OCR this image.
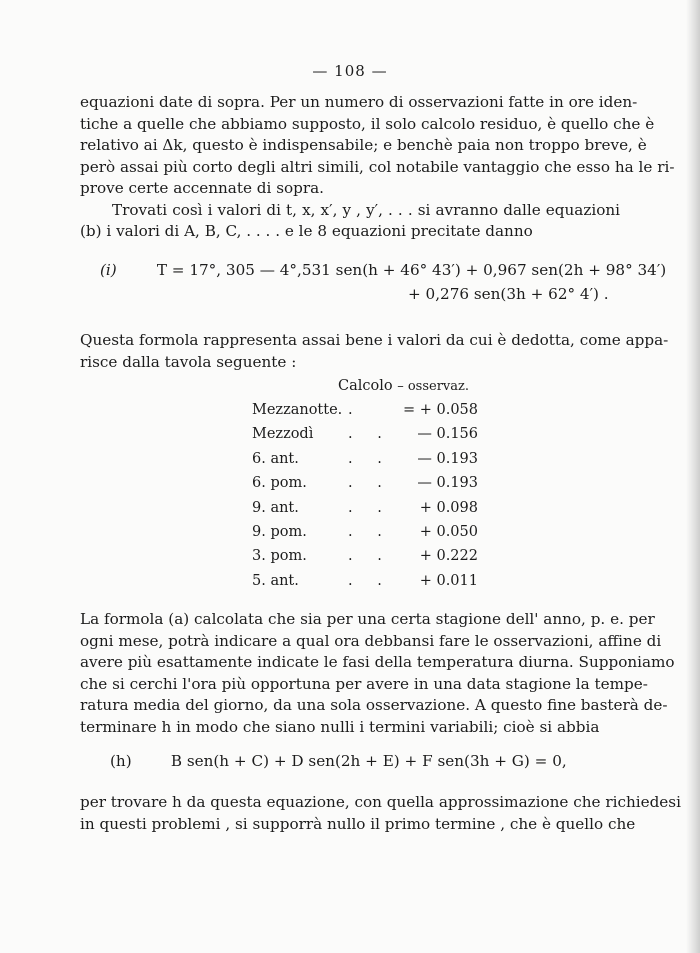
— 108 —
equazioni date di sopra. Per un numero di osservazioni fatte in ore iden-
tiche a quelle che abbiamo supposto, il solo calcolo residuo, è quello che è
relativo ai Δk, questo è indispensabile; e benchè paia non troppo breve, è
però assai più corto degli altri simili, col notabile vantaggio che esso ha le ri-
prove certe accennate di sopra.
Trovati così i valori di t, x, x′, y , y′, . . . si avranno dalle equazioni
(b) i valori di A, B, C, . . . . e le 8 equazioni precitate danno
(i)	T = 17°, 305 — 4°,531 sen(h + 46° 43′) + 0,967 sen(2h + 98° 34′)
+ 0,276 sen(3h + 62° 4′) .
Questa formola rappresenta assai bene i valori da cui è dedotta, come appa-
risce dalla tavola seguente :
Calcolo – osservaz.
Mezzanotte. .	= + 0.058
Mezzodì	. .	— 0.156
6. ant.	. .	— 0.193
6. pom.	. .	— 0.193
9. ant.	. .	+ 0.098
9. pom.	. .	+ 0.050
3. pom.	. .	+ 0.222
5. ant.	. .	+ 0.011
La formola (a) calcolata che sia per una certa stagione dell' anno, p. e. per
ogni mese, potrà indicare a qual ora debbansi fare le osservazioni, affine di
avere più esattamente indicate le fasi della temperatura diurna. Supponiamo
che si cerchi l'ora più opportuna per avere in una data stagione la tempe-
ratura media del giorno, da una sola osservazione. A questo fine basterà de-
terminare h in modo che siano nulli i termini variabili; cioè si abbia
(h)	B sen(h + C) + D sen(2h + E) + F sen(3h + G) = 0,
per trovare h da questa equazione, con quella approssimazione che richiedesi
in questi problemi , si supporrà nullo il primo termine , che è quello che
